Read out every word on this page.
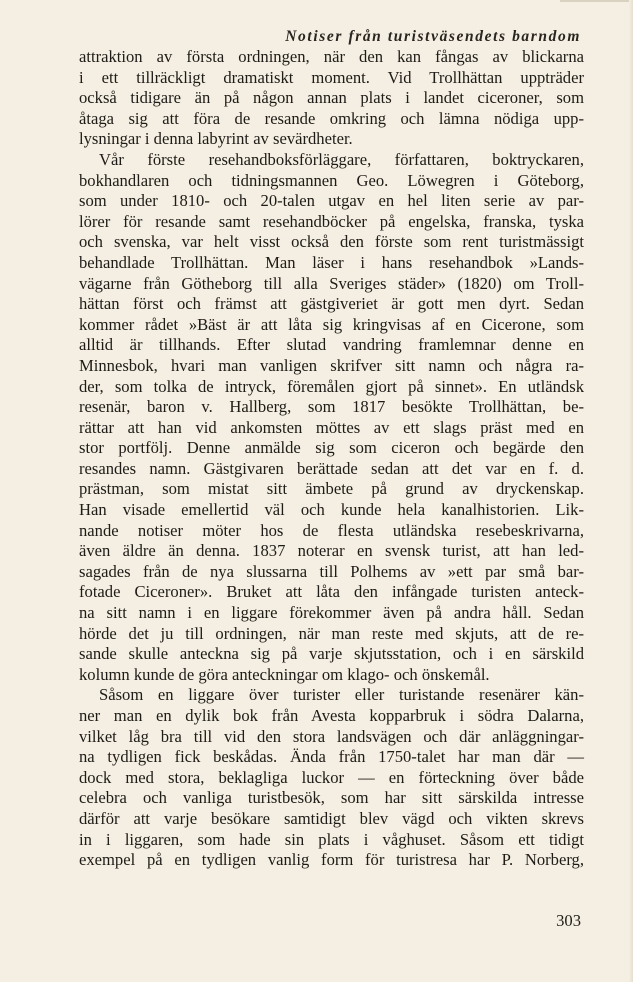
Notiser från turistväsendets barndom
attraktion av första ordningen, när den kan fångas av blickarna
i ett tillräckligt dramatiskt moment. Vid Trollhättan uppträder
också tidigare än på någon annan plats i landet ciceroner, som
åtaga sig att föra de resande omkring och lämna nödiga upp-
lysningar i denna labyrint av sevärdheter.
Vår förste resehandboksförläggare, författaren, boktryckaren,
bokhandlaren och tidningsmannen Geo. Löwegren i Göteborg,
som under 1810- och 20-talen utgav en hel liten serie av par-
lörer för resande samt resehandböcker på engelska, franska, tyska
och svenska, var helt visst också den förste som rent turistmässigt
behandlade Trollhättan. Man läser i hans resehandbok »Lands-
vägarne från Götheborg till alla Sveriges städer» (1820) om Troll-
hättan först och främst att gästgiveriet är gott men dyrt. Sedan
kommer rådet »Bäst är att låta sig kringvisas af en Cicerone, som
alltid är tillhands. Efter slutad vandring framlemnar denne en
Minnesbok, hvari man vanligen skrifver sitt namn och några ra-
der, som tolka de intryck, föremålen gjort på sinnet». En utländsk
resenär, baron v. Hallberg, som 1817 besökte Trollhättan, be-
rättar att han vid ankomsten möttes av ett slags präst med en
stor portfölj. Denne anmälde sig som ciceron och begärde den
resandes namn. Gästgivaren berättade sedan att det var en f. d.
prästman, som mistat sitt ämbete på grund av dryckenskap.
Han visade emellertid väl och kunde hela kanalhistorien. Lik-
nande notiser möter hos de flesta utländska resebeskrivarna,
även äldre än denna. 1837 noterar en svensk turist, att han led-
sagades från de nya slussarna till Polhems av »ett par små bar-
fotade Ciceroner». Bruket att låta den infångade turisten anteck-
na sitt namn i en liggare förekommer även på andra håll. Sedan
hörde det ju till ordningen, när man reste med skjuts, att de re-
sande skulle anteckna sig på varje skjutsstation, och i en särskild
kolumn kunde de göra anteckningar om klago- och önskemål.
Såsom en liggare över turister eller turistande resenärer kän-
ner man en dylik bok från Avesta kopparbruk i södra Dalarna,
vilket låg bra till vid den stora landsvägen och där anläggningar-
na tydligen fick beskådas. Ända från 1750-talet har man där —
dock med stora, beklagliga luckor — en förteckning över både
celebra och vanliga turistbesök, som har sitt särskilda intresse
därför att varje besökare samtidigt blev vägd och vikten skrevs
in i liggaren, som hade sin plats i våghuset. Såsom ett tidigt
exempel på en tydligen vanlig form för turistresa har P. Norberg,
303
